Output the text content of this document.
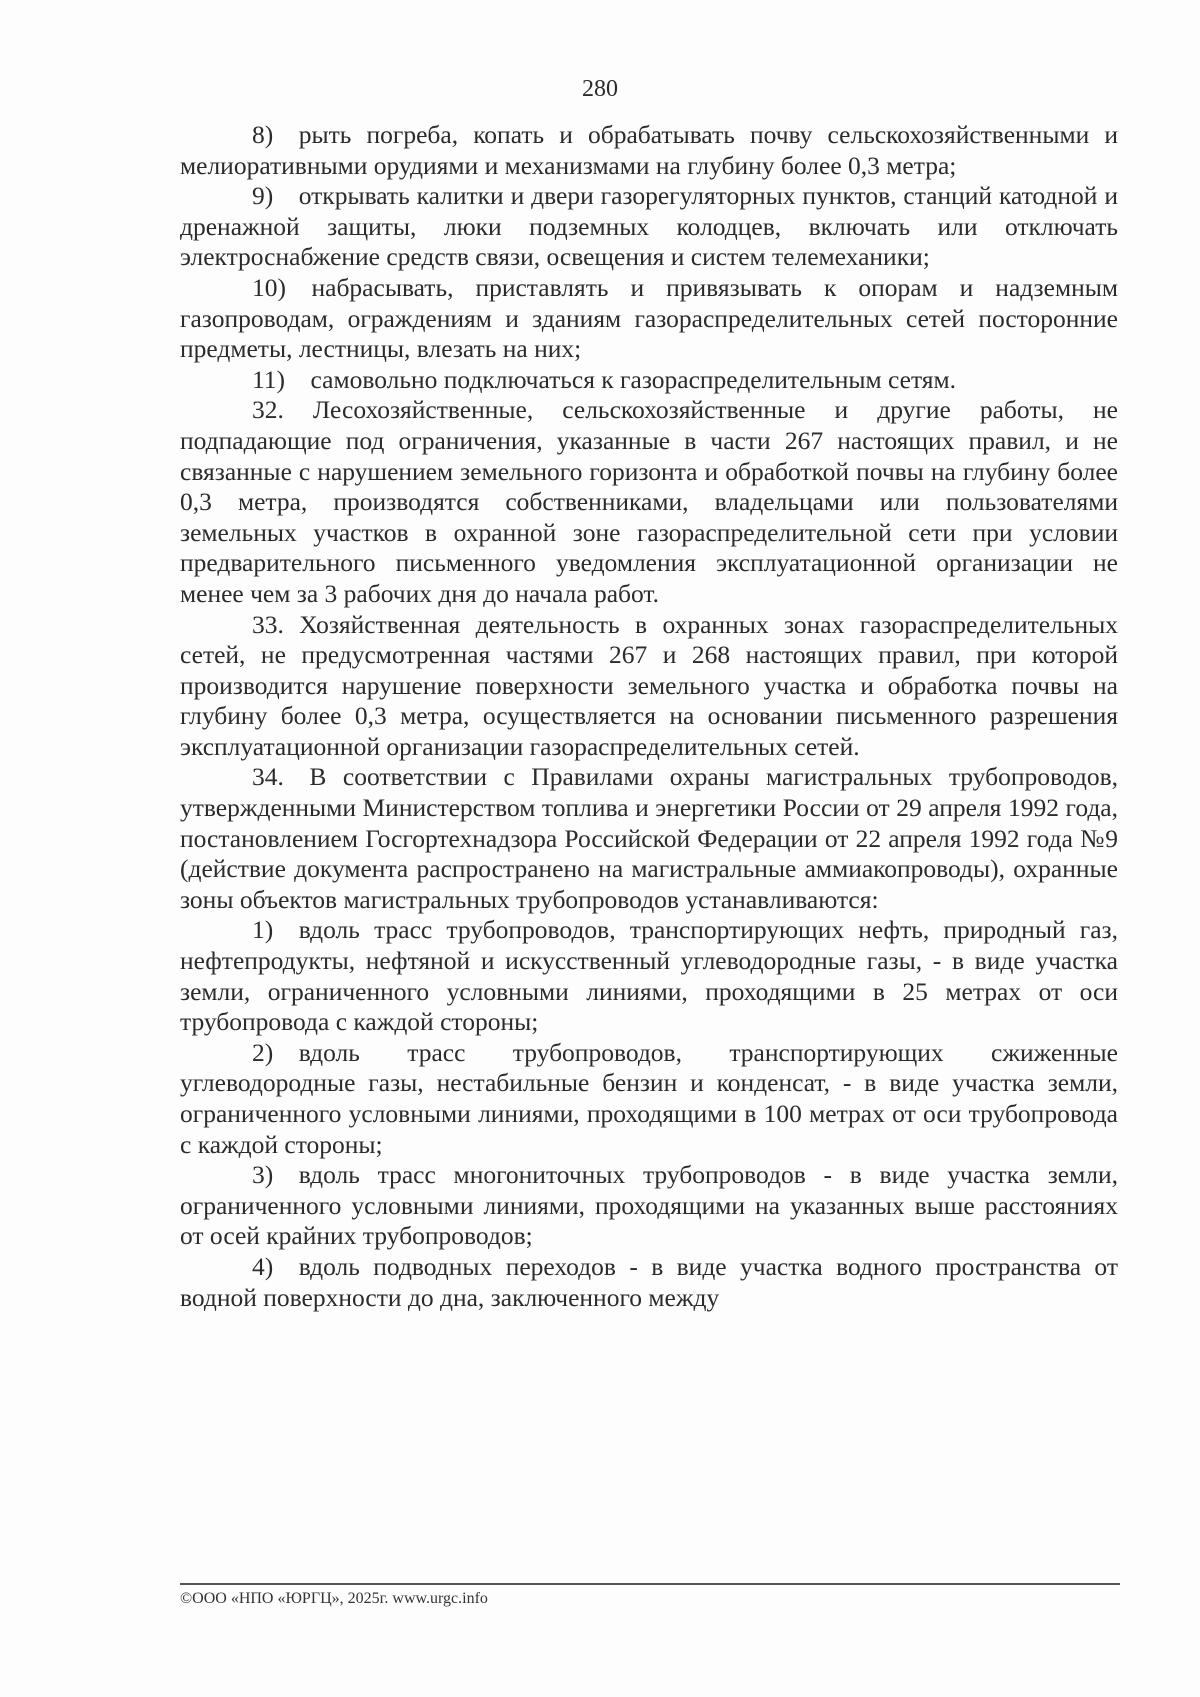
280

8) рыть погреба, копать и обрабатывать почву сельскохозяйственными и мелиоративными орудиями и механизмами на глубину более 0,3 метра;

9) открывать калитки и двери газорегуляторных пунктов, станций катодной и дренажной защиты, люки подземных колодцев, включать или отключать электроснабжение средств связи, освещения и систем телемеханики;

10) набрасывать, приставлять и привязывать к опорам и надземным газопроводам, ограждениям и зданиям газораспределительных сетей посторонние предметы, лестницы, влезать на них;

11) самовольно подключаться к газораспределительным сетям.

32. Лесохозяйственные, сельскохозяйственные и другие работы, не подпадающие под ограничения, указанные в части 267 настоящих правил, и не связанные с нарушением земельного горизонта и обработкой почвы на глубину более 0,3 метра, производятся собственниками, владельцами или пользователями земельных участков в охранной зоне газораспределительной сети при условии предварительного письменного уведомления эксплуатационной организации не менее чем за 3 рабочих дня до начала работ.

33. Хозяйственная деятельность в охранных зонах газораспределительных сетей, не предусмотренная частями 267 и 268 настоящих правил, при которой производится нарушение поверхности земельного участка и обработка почвы на глубину более 0,3 метра, осуществляется на основании письменного разрешения эксплуатационной организации газораспределительных сетей.

34. В соответствии с Правилами охраны магистральных трубопроводов, утвержденными Министерством топлива и энергетики России от 29 апреля 1992 года, постановлением Госгортехнадзора Российской Федерации от 22 апреля 1992 года №9 (действие документа распространено на магистральные аммиакопроводы), охранные зоны объектов магистральных трубопроводов устанавливаются:

1) вдоль трасс трубопроводов, транспортирующих нефть, природный газ, нефтепродукты, нефтяной и искусственный углеводородные газы, - в виде участка земли, ограниченного условными линиями, проходящими в 25 метрах от оси трубопровода с каждой стороны;

2) вдоль трасс трубопроводов, транспортирующих сжиженные углеводородные газы, нестабильные бензин и конденсат, - в виде участка земли, ограниченного условными линиями, проходящими в 100 метрах от оси трубопровода с каждой стороны;

3) вдоль трасс многониточных трубопроводов - в виде участка земли, ограниченного условными линиями, проходящими на указанных выше расстояниях от осей крайних трубопроводов;

4) вдоль подводных переходов - в виде участка водного пространства от водной поверхности до дна, заключенного между

©ООО «НПО «ЮРГЦ», 2025г. www.urgc.info
